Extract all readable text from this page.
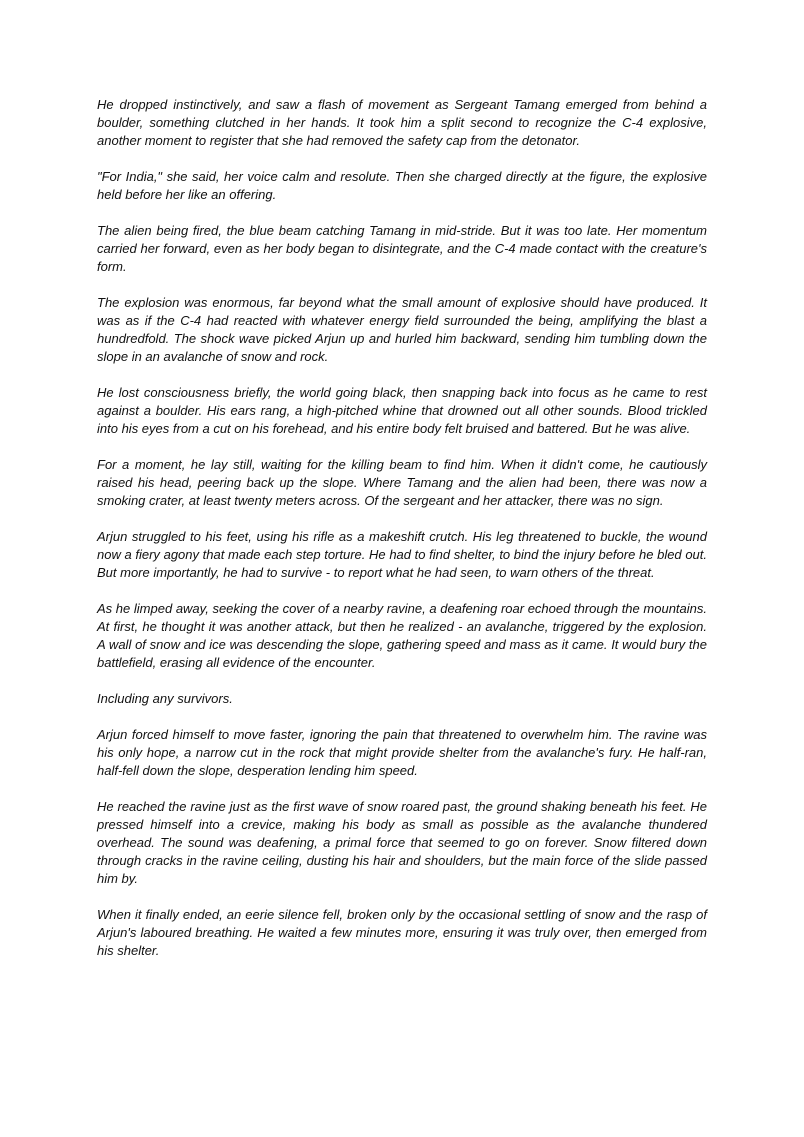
He dropped instinctively, and saw a flash of movement as Sergeant Tamang emerged from behind a boulder, something clutched in her hands. It took him a split second to recognize the C-4 explosive, another moment to register that she had removed the safety cap from the detonator.

"For India," she said, her voice calm and resolute. Then she charged directly at the figure, the explosive held before her like an offering.

The alien being fired, the blue beam catching Tamang in mid-stride. But it was too late. Her momentum carried her forward, even as her body began to disintegrate, and the C-4 made contact with the creature's form.

The explosion was enormous, far beyond what the small amount of explosive should have produced. It was as if the C-4 had reacted with whatever energy field surrounded the being, amplifying the blast a hundredfold. The shock wave picked Arjun up and hurled him backward, sending him tumbling down the slope in an avalanche of snow and rock.

He lost consciousness briefly, the world going black, then snapping back into focus as he came to rest against a boulder. His ears rang, a high-pitched whine that drowned out all other sounds. Blood trickled into his eyes from a cut on his forehead, and his entire body felt bruised and battered. But he was alive.

For a moment, he lay still, waiting for the killing beam to find him. When it didn't come, he cautiously raised his head, peering back up the slope. Where Tamang and the alien had been, there was now a smoking crater, at least twenty meters across. Of the sergeant and her attacker, there was no sign.

Arjun struggled to his feet, using his rifle as a makeshift crutch. His leg threatened to buckle, the wound now a fiery agony that made each step torture. He had to find shelter, to bind the injury before he bled out. But more importantly, he had to survive - to report what he had seen, to warn others of the threat.

As he limped away, seeking the cover of a nearby ravine, a deafening roar echoed through the mountains. At first, he thought it was another attack, but then he realized - an avalanche, triggered by the explosion. A wall of snow and ice was descending the slope, gathering speed and mass as it came. It would bury the battlefield, erasing all evidence of the encounter.

Including any survivors.

Arjun forced himself to move faster, ignoring the pain that threatened to overwhelm him. The ravine was his only hope, a narrow cut in the rock that might provide shelter from the avalanche's fury. He half-ran, half-fell down the slope, desperation lending him speed.

He reached the ravine just as the first wave of snow roared past, the ground shaking beneath his feet. He pressed himself into a crevice, making his body as small as possible as the avalanche thundered overhead. The sound was deafening, a primal force that seemed to go on forever. Snow filtered down through cracks in the ravine ceiling, dusting his hair and shoulders, but the main force of the slide passed him by.

When it finally ended, an eerie silence fell, broken only by the occasional settling of snow and the rasp of Arjun's laboured breathing. He waited a few minutes more, ensuring it was truly over, then emerged from his shelter.
